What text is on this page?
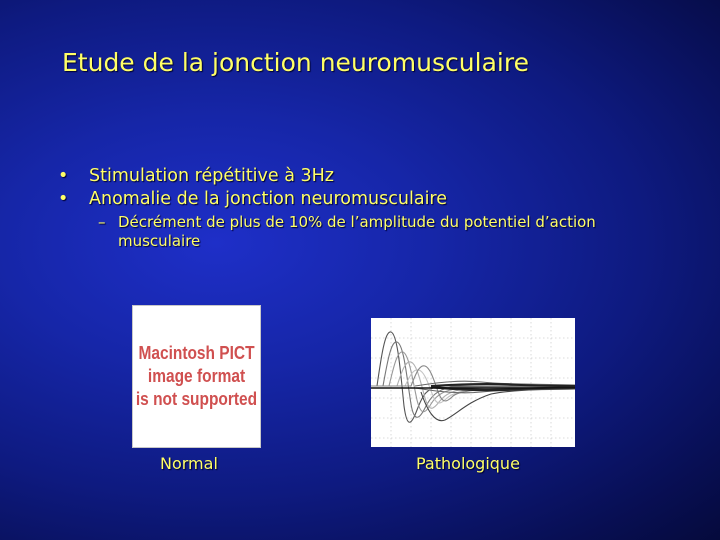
Etude de la jonction neuromusculaire
• Stimulation répétitive à 3Hz
• Anomalie de la jonction neuromusculaire
– Décrément de plus de 10% de l’amplitude du potentiel d’action musculaire
Macintosh PICT
image format
is not supported
Normal	Pathologique
